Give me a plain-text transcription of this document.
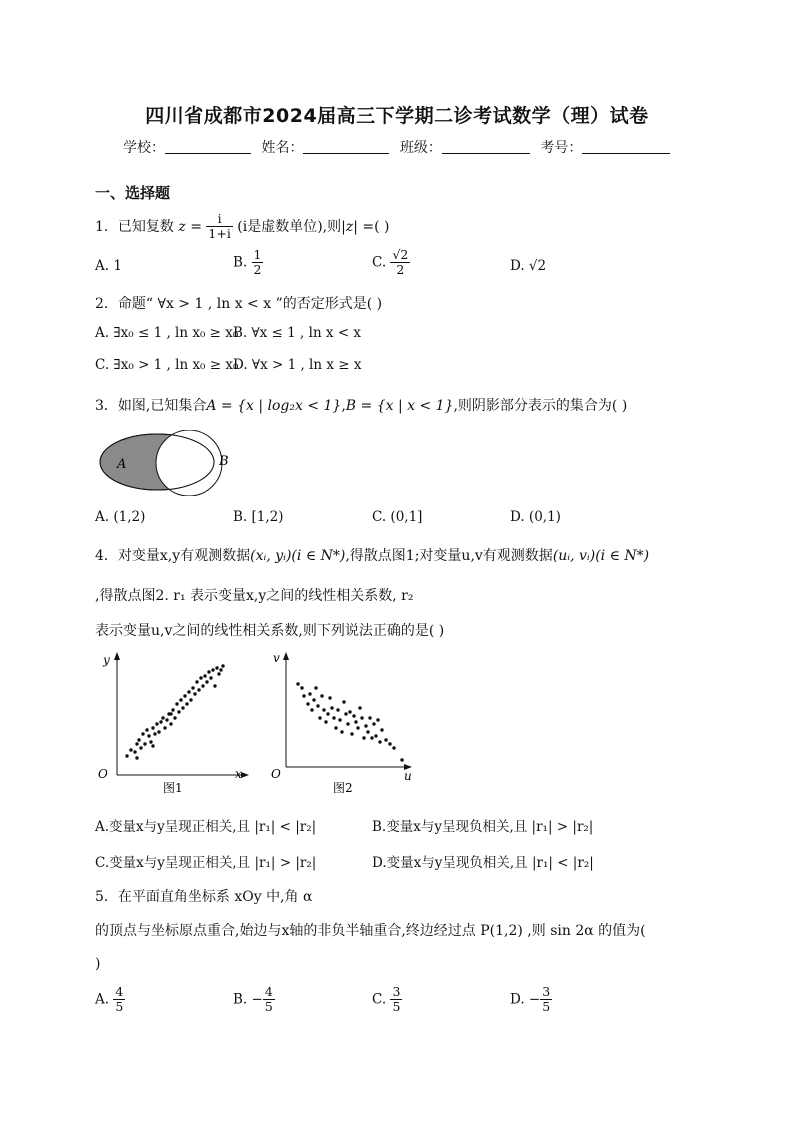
四川省成都市2024届高三下学期二诊考试数学（理）试卷
学校：	姓名：	班级：	考号：
一、选择题
1．已知复数 $z = \frac{i}{1+i} (i$是虚数单位),则|z| =( )
A. 1	B. $\frac{1}{2}$	C. $\frac{√2}{2}$	D. √2
2．命题“ ∀x > 1 , ln x < x ”的否定形式是( )
A. ∃x₀ ≤ 1 , ln x₀ ≥ x₀
B. ∀x ≤ 1 , ln x < x
C. ∃x₀ > 1 , ln x₀ ≥ x₀
D. ∀x > 1 , ln x ≥ x
3．如图,已知集合A = {x | log₂x < 1},B = {x | x < 1},则阴影部分表示的集合为( )
A	B
A. (1,2)	B. [1,2)	C. (0,1]	D. (0,1)
4．对变量x,y有观测数据(xᵢ, yᵢ)(i ∈ N*),得散点图1;对变量u,v有观测数据(uᵢ, vᵢ)(i ∈ N*)
,得散点图2. r₁ 表示变量x,y之间的线性相关系数, r₂
表示变量u,v之间的线性相关系数,则下列说法正确的是( )
y
x
O
图1
v
u
O
图2
A.变量x与y呈现正相关,且 |r₁| < |r₂|	B.变量x与y呈现负相关,且 |r₁| > |r₂|
C.变量x与y呈现正相关,且 |r₁| > |r₂|	D.变量x与y呈现负相关,且 |r₁| < |r₂|
5．在平面直角坐标系 xOy 中,角 α
的顶点与坐标原点重合,始边与x轴的非负半轴重合,终边经过点 P(1,2) ,则 sin 2α 的值为(
)
A. $\frac{4}{5}$	B. − $\frac{4}{5}$	C. $\frac{3}{5}$	D. − $\frac{3}{5}$
